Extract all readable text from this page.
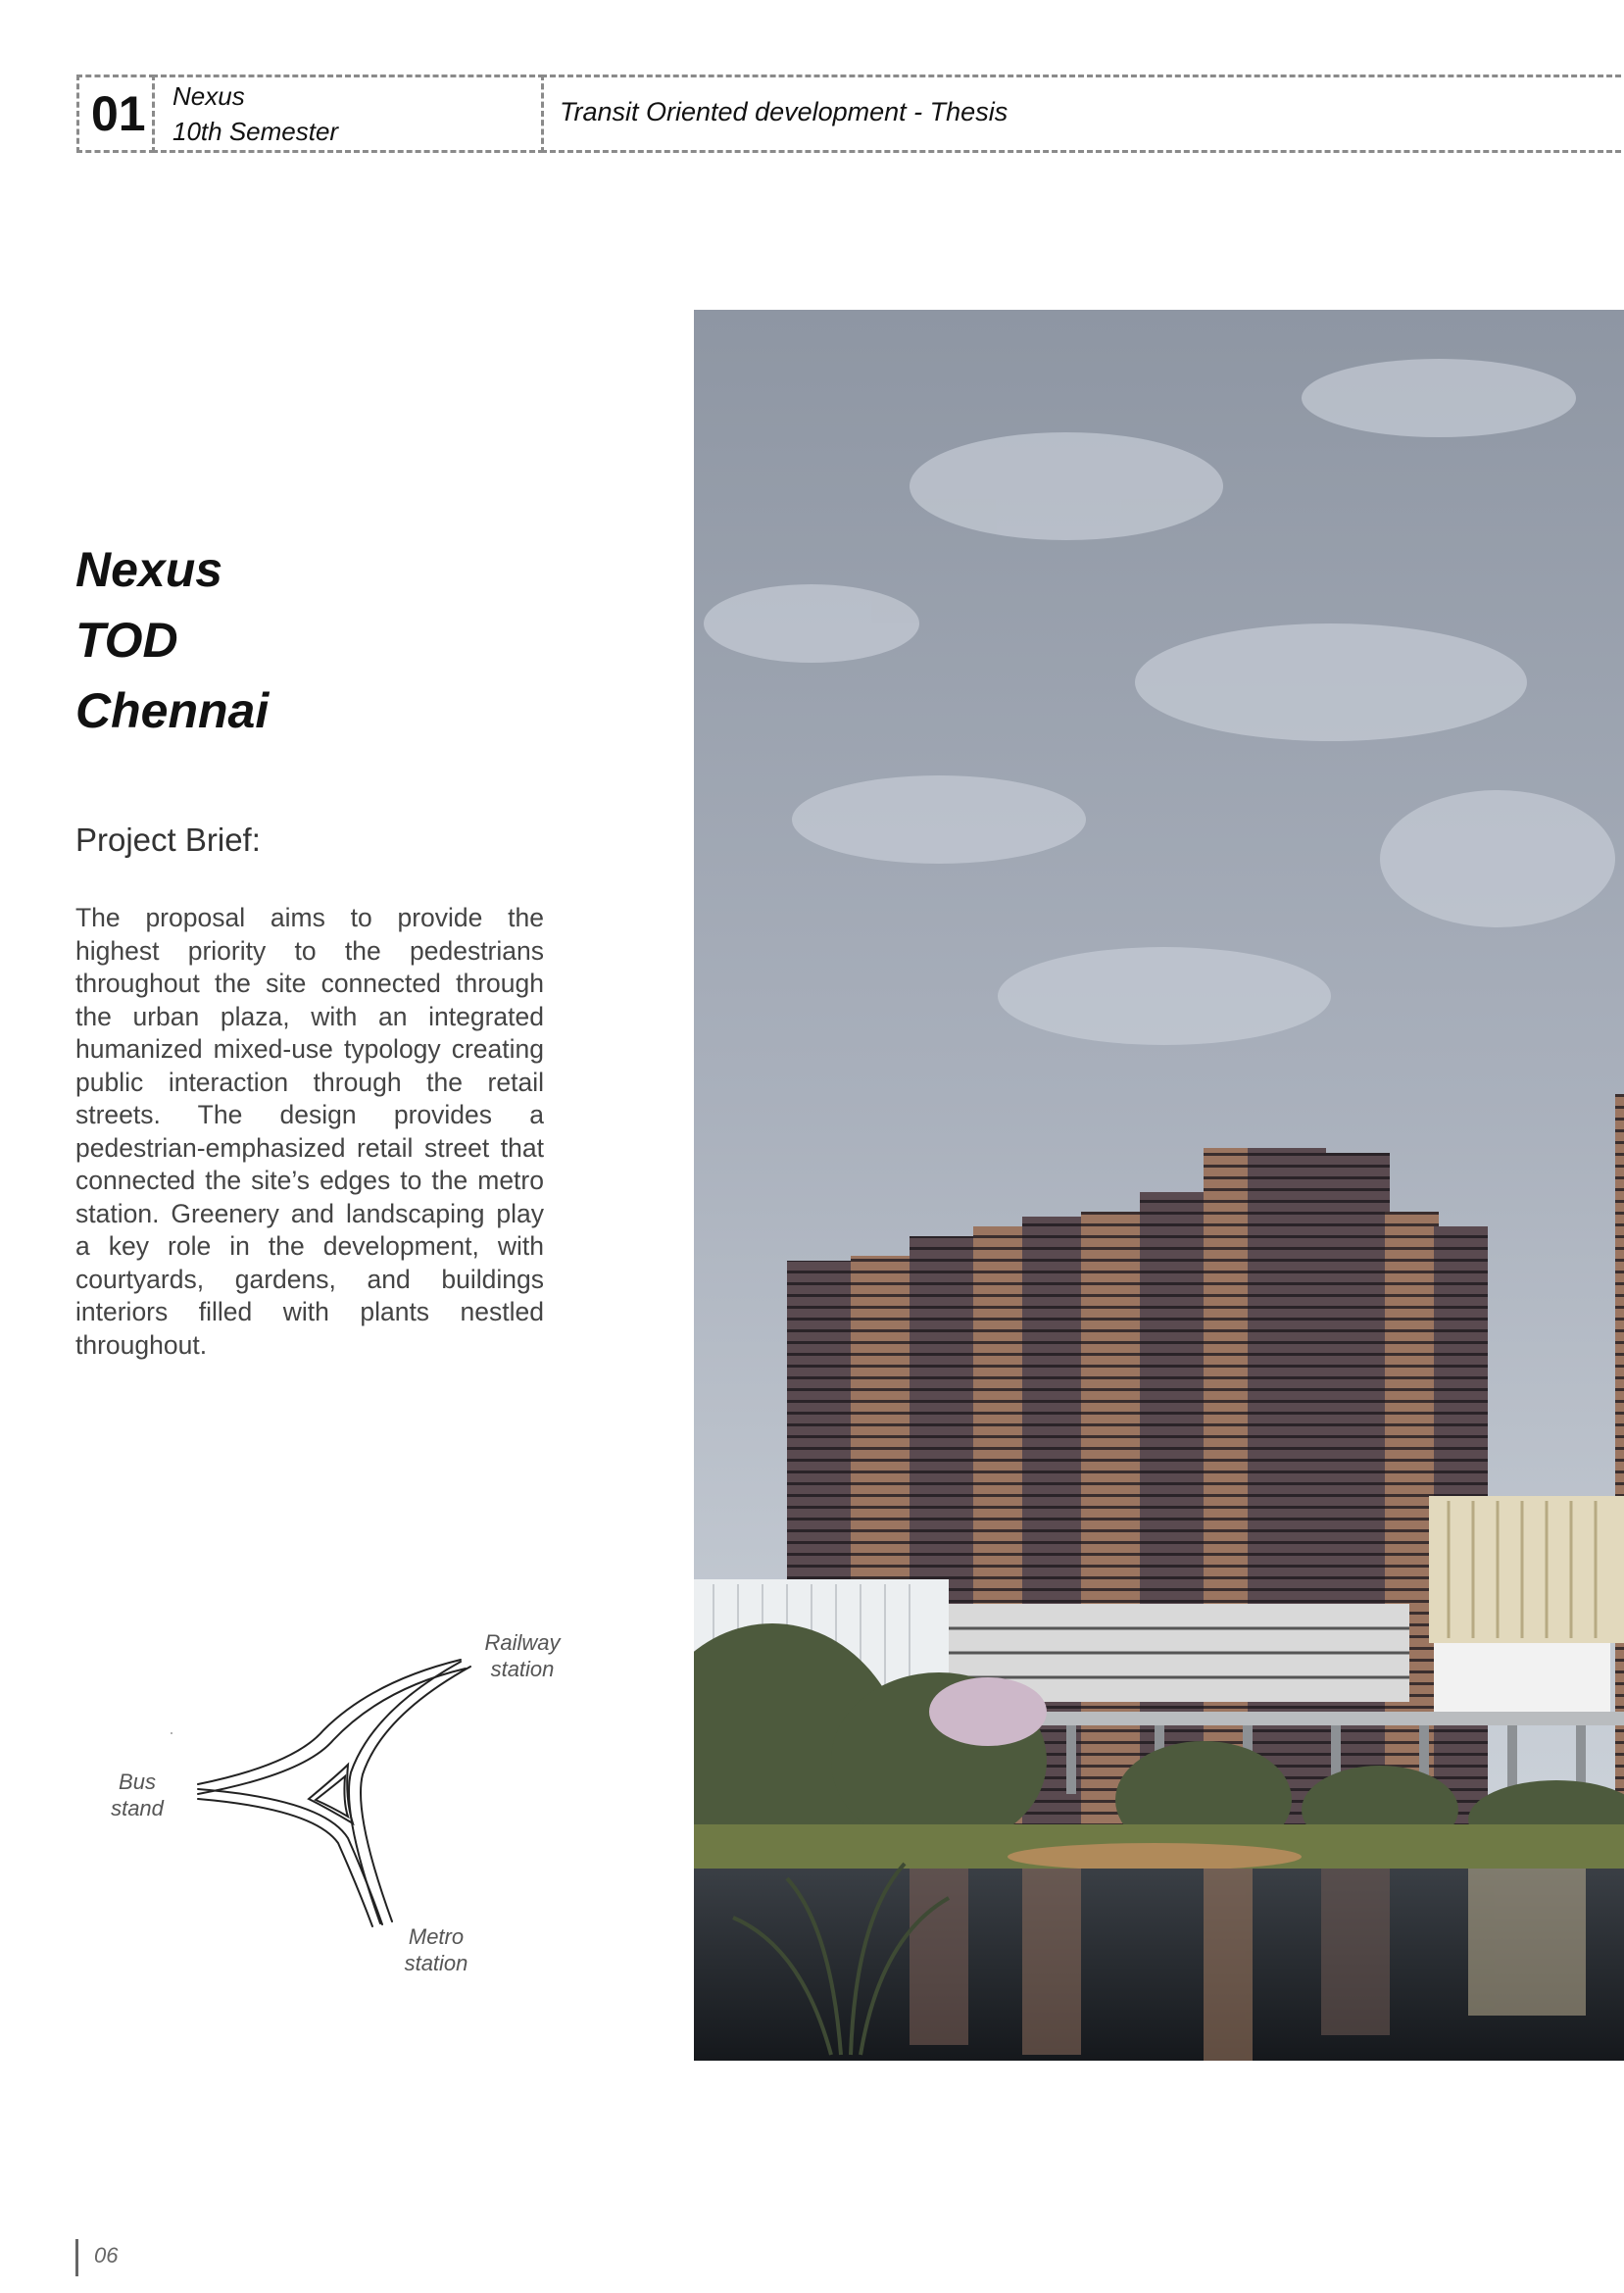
01 Nexus
10th Semester
Transit Oriented development - Thesis
Nexus
TOD
Chennai
Project Brief:
The proposal aims to provide the highest priority to the pedestrians throughout the site connected through the urban plaza, with an integrated humanized mixed-use typology creating public interaction through the retail streets. The design provides a pedestrian-emphasized retail street that connected the site’s edges to the metro station. Greenery and landscaping play a key role in the development, with courtyards, gardens, and buildings interiors filled with plants nestled throughout.
Railway
station
Bus
stand
Metro
station
06
